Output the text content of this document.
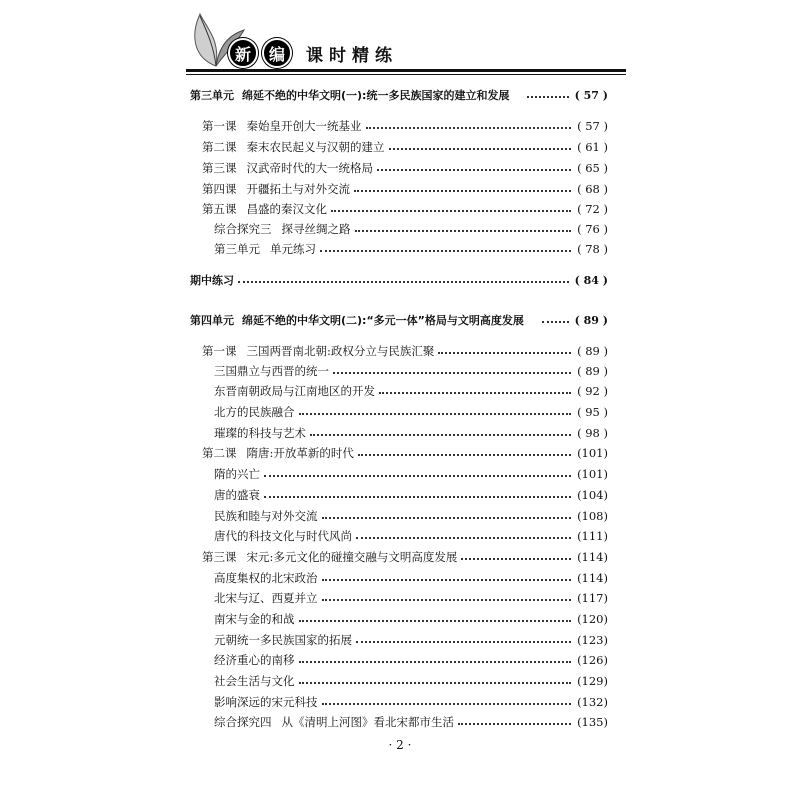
新	编	课时精练
第三单元 绵延不绝的中华文明(一):统一多民族国家的建立和发展	( 57 )
第一课 秦始皇开创大一统基业	( 57 )
第二课 秦末农民起义与汉朝的建立	( 61 )
第三课 汉武帝时代的大一统格局	( 65 )
第四课 开疆拓土与对外交流	( 68 )
第五课 昌盛的秦汉文化	( 72 )
综合探究三 探寻丝绸之路	( 76 )
第三单元 单元练习	( 78 )
期中练习	( 84 )
第四单元 绵延不绝的中华文明(二):“多元一体”格局与文明高度发展	( 89 )
第一课 三国两晋南北朝:政权分立与民族汇聚	( 89 )
三国鼎立与西晋的统一	( 89 )
东晋南朝政局与江南地区的开发	( 92 )
北方的民族融合	( 95 )
璀璨的科技与艺术	( 98 )
第二课 隋唐:开放革新的时代	(101)
隋的兴亡	(101)
唐的盛衰	(104)
民族和睦与对外交流	(108)
唐代的科技文化与时代风尚	(111)
第三课 宋元:多元文化的碰撞交融与文明高度发展	(114)
高度集权的北宋政治	(114)
北宋与辽、西夏并立	(117)
南宋与金的和战	(120)
元朝统一多民族国家的拓展	(123)
经济重心的南移	(126)
社会生活与文化	(129)
影响深远的宋元科技	(132)
综合探究四 从《清明上河图》看北宋都市生活	(135)
· 2 ·
